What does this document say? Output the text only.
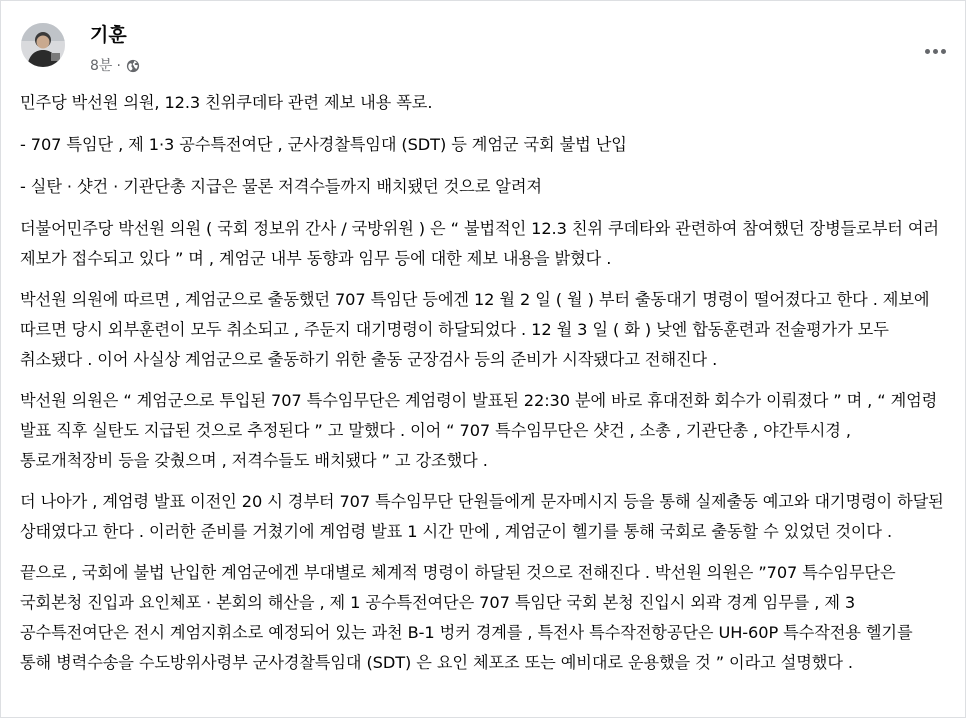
기훈
8분 ·

민주당 박선원 의원, 12.3 친위쿠데타 관련 제보 내용 폭로.

- 707 특임단 , 제 1·3 공수특전여단 , 군사경찰특임대 (SDT) 등 계엄군 국회 불법 난입

- 실탄 · 샷건 · 기관단총 지급은 물론 저격수들까지 배치됐던 것으로 알려져

더불어민주당 박선원 의원 ( 국회 정보위 간사 / 국방위원 ) 은 “ 불법적인 12.3 친위 쿠데타와 관련하여 참여했던 장병들로부터 여러 제보가 접수되고 있다 ” 며 , 계엄군 내부 동향과 임무 등에 대한 제보 내용을 밝혔다 .

박선원 의원에 따르면 , 계엄군으로 출동했던 707 특임단 등에겐 12 월 2 일 ( 월 ) 부터 출동대기 명령이 떨어졌다고 한다 . 제보에 따르면 당시 외부훈련이 모두 취소되고 , 주둔지 대기명령이 하달되었다 . 12 월 3 일 ( 화 ) 낮엔 합동훈련과 전술평가가 모두 취소됐다 . 이어 사실상 계엄군으로 출동하기 위한 출동 군장검사 등의 준비가 시작됐다고 전해진다 .

박선원 의원은 “ 계엄군으로 투입된 707 특수임무단은 계엄령이 발표된 22:30 분에 바로 휴대전화 회수가 이뤄졌다 ” 며 , “ 계엄령 발표 직후 실탄도 지급된 것으로 추정된다 ” 고 말했다 . 이어 “ 707 특수임무단은 샷건 , 소총 , 기관단총 , 야간투시경 , 통로개척장비 등을 갖췄으며 , 저격수들도 배치됐다 ” 고 강조했다 .

더 나아가 , 계엄령 발표 이전인 20 시 경부터 707 특수임무단 단원들에게 문자메시지 등을 통해 실제출동 예고와 대기명령이 하달된 상태였다고 한다 . 이러한 준비를 거쳤기에 계엄령 발표 1 시간 만에 , 계엄군이 헬기를 통해 국회로 출동할 수 있었던 것이다 .

끝으로 , 국회에 불법 난입한 계엄군에겐 부대별로 체계적 명령이 하달된 것으로 전해진다 . 박선원 의원은 ”707 특수임무단은 국회본청 진입과 요인체포 · 본회의 해산을 , 제 1 공수특전여단은 707 특임단 국회 본청 진입시 외곽 경계 임무를 , 제 3 공수특전여단은 전시 계엄지휘소로 예정되어 있는 과천 B-1 벙커 경계를 , 특전사 특수작전항공단은 UH-60P 특수작전용 헬기를 통해 병력수송을 수도방위사령부 군사경찰특임대 (SDT) 은 요인 체포조 또는 예비대로 운용했을 것 ” 이라고 설명했다 .
